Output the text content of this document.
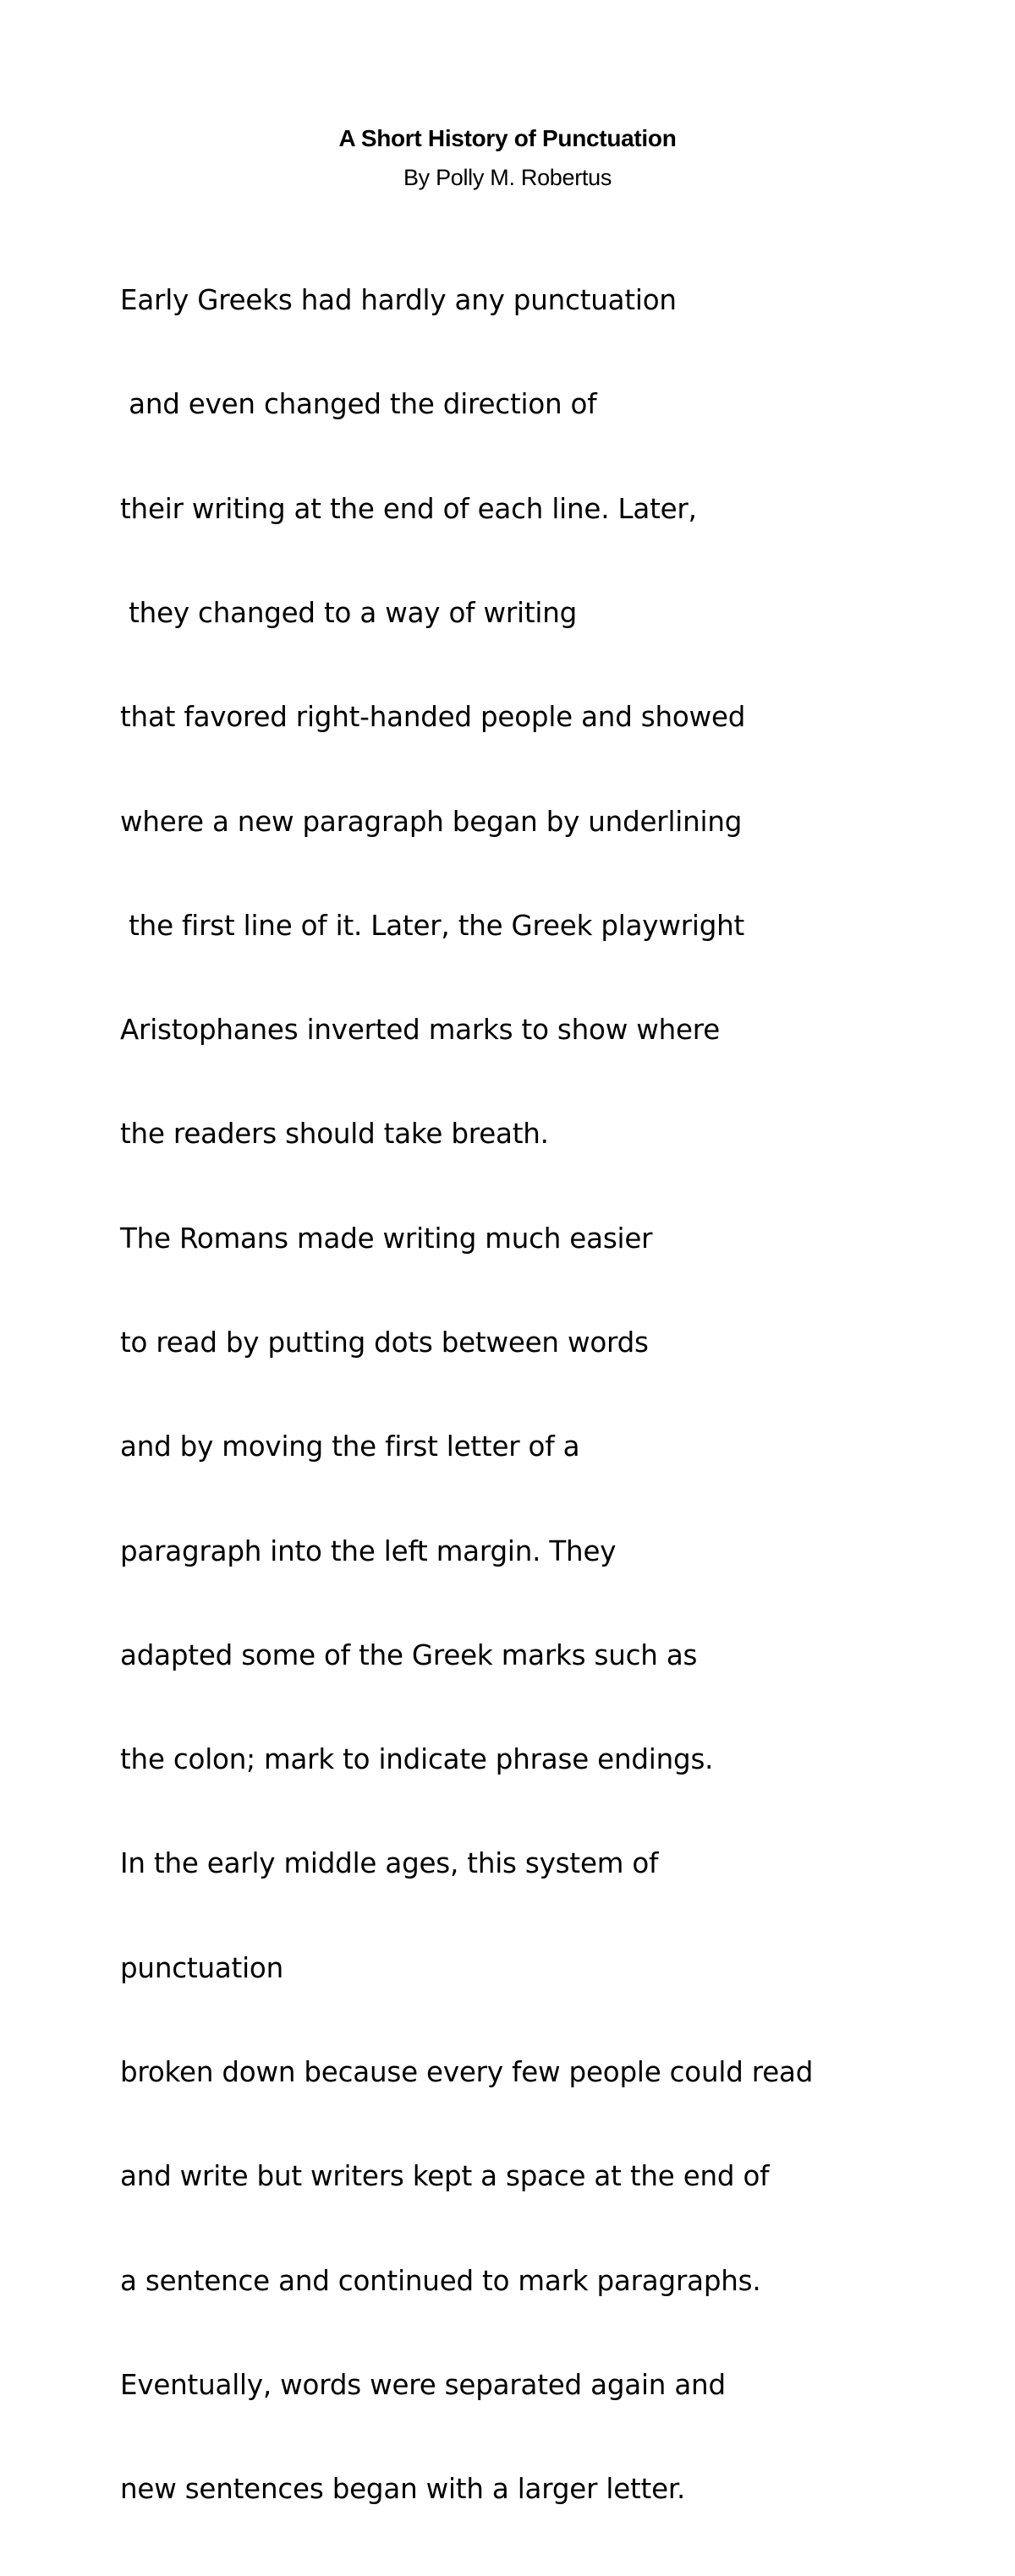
A Short History of Punctuation
By Polly M. Robertus

Early Greeks had hardly any punctuation

and even changed the direction of

their writing at the end of each line. Later,

they changed to a way of writing

that favored right-handed people and showed

where a new paragraph began by underlining

the first line of it. Later, the Greek playwright

Aristophanes inverted marks to show where

the readers should take breath.

The Romans made writing much easier

to read by putting dots between words

and by moving the first letter of a

paragraph into the left margin. They

adapted some of the Greek marks such as

the colon; mark to indicate phrase endings.

In the early middle ages, this system of

punctuation

broken down because every few people could read

and write but writers kept a space at the end of

a sentence and continued to mark paragraphs.

Eventually, words were separated again and

new sentences began with a larger letter.
